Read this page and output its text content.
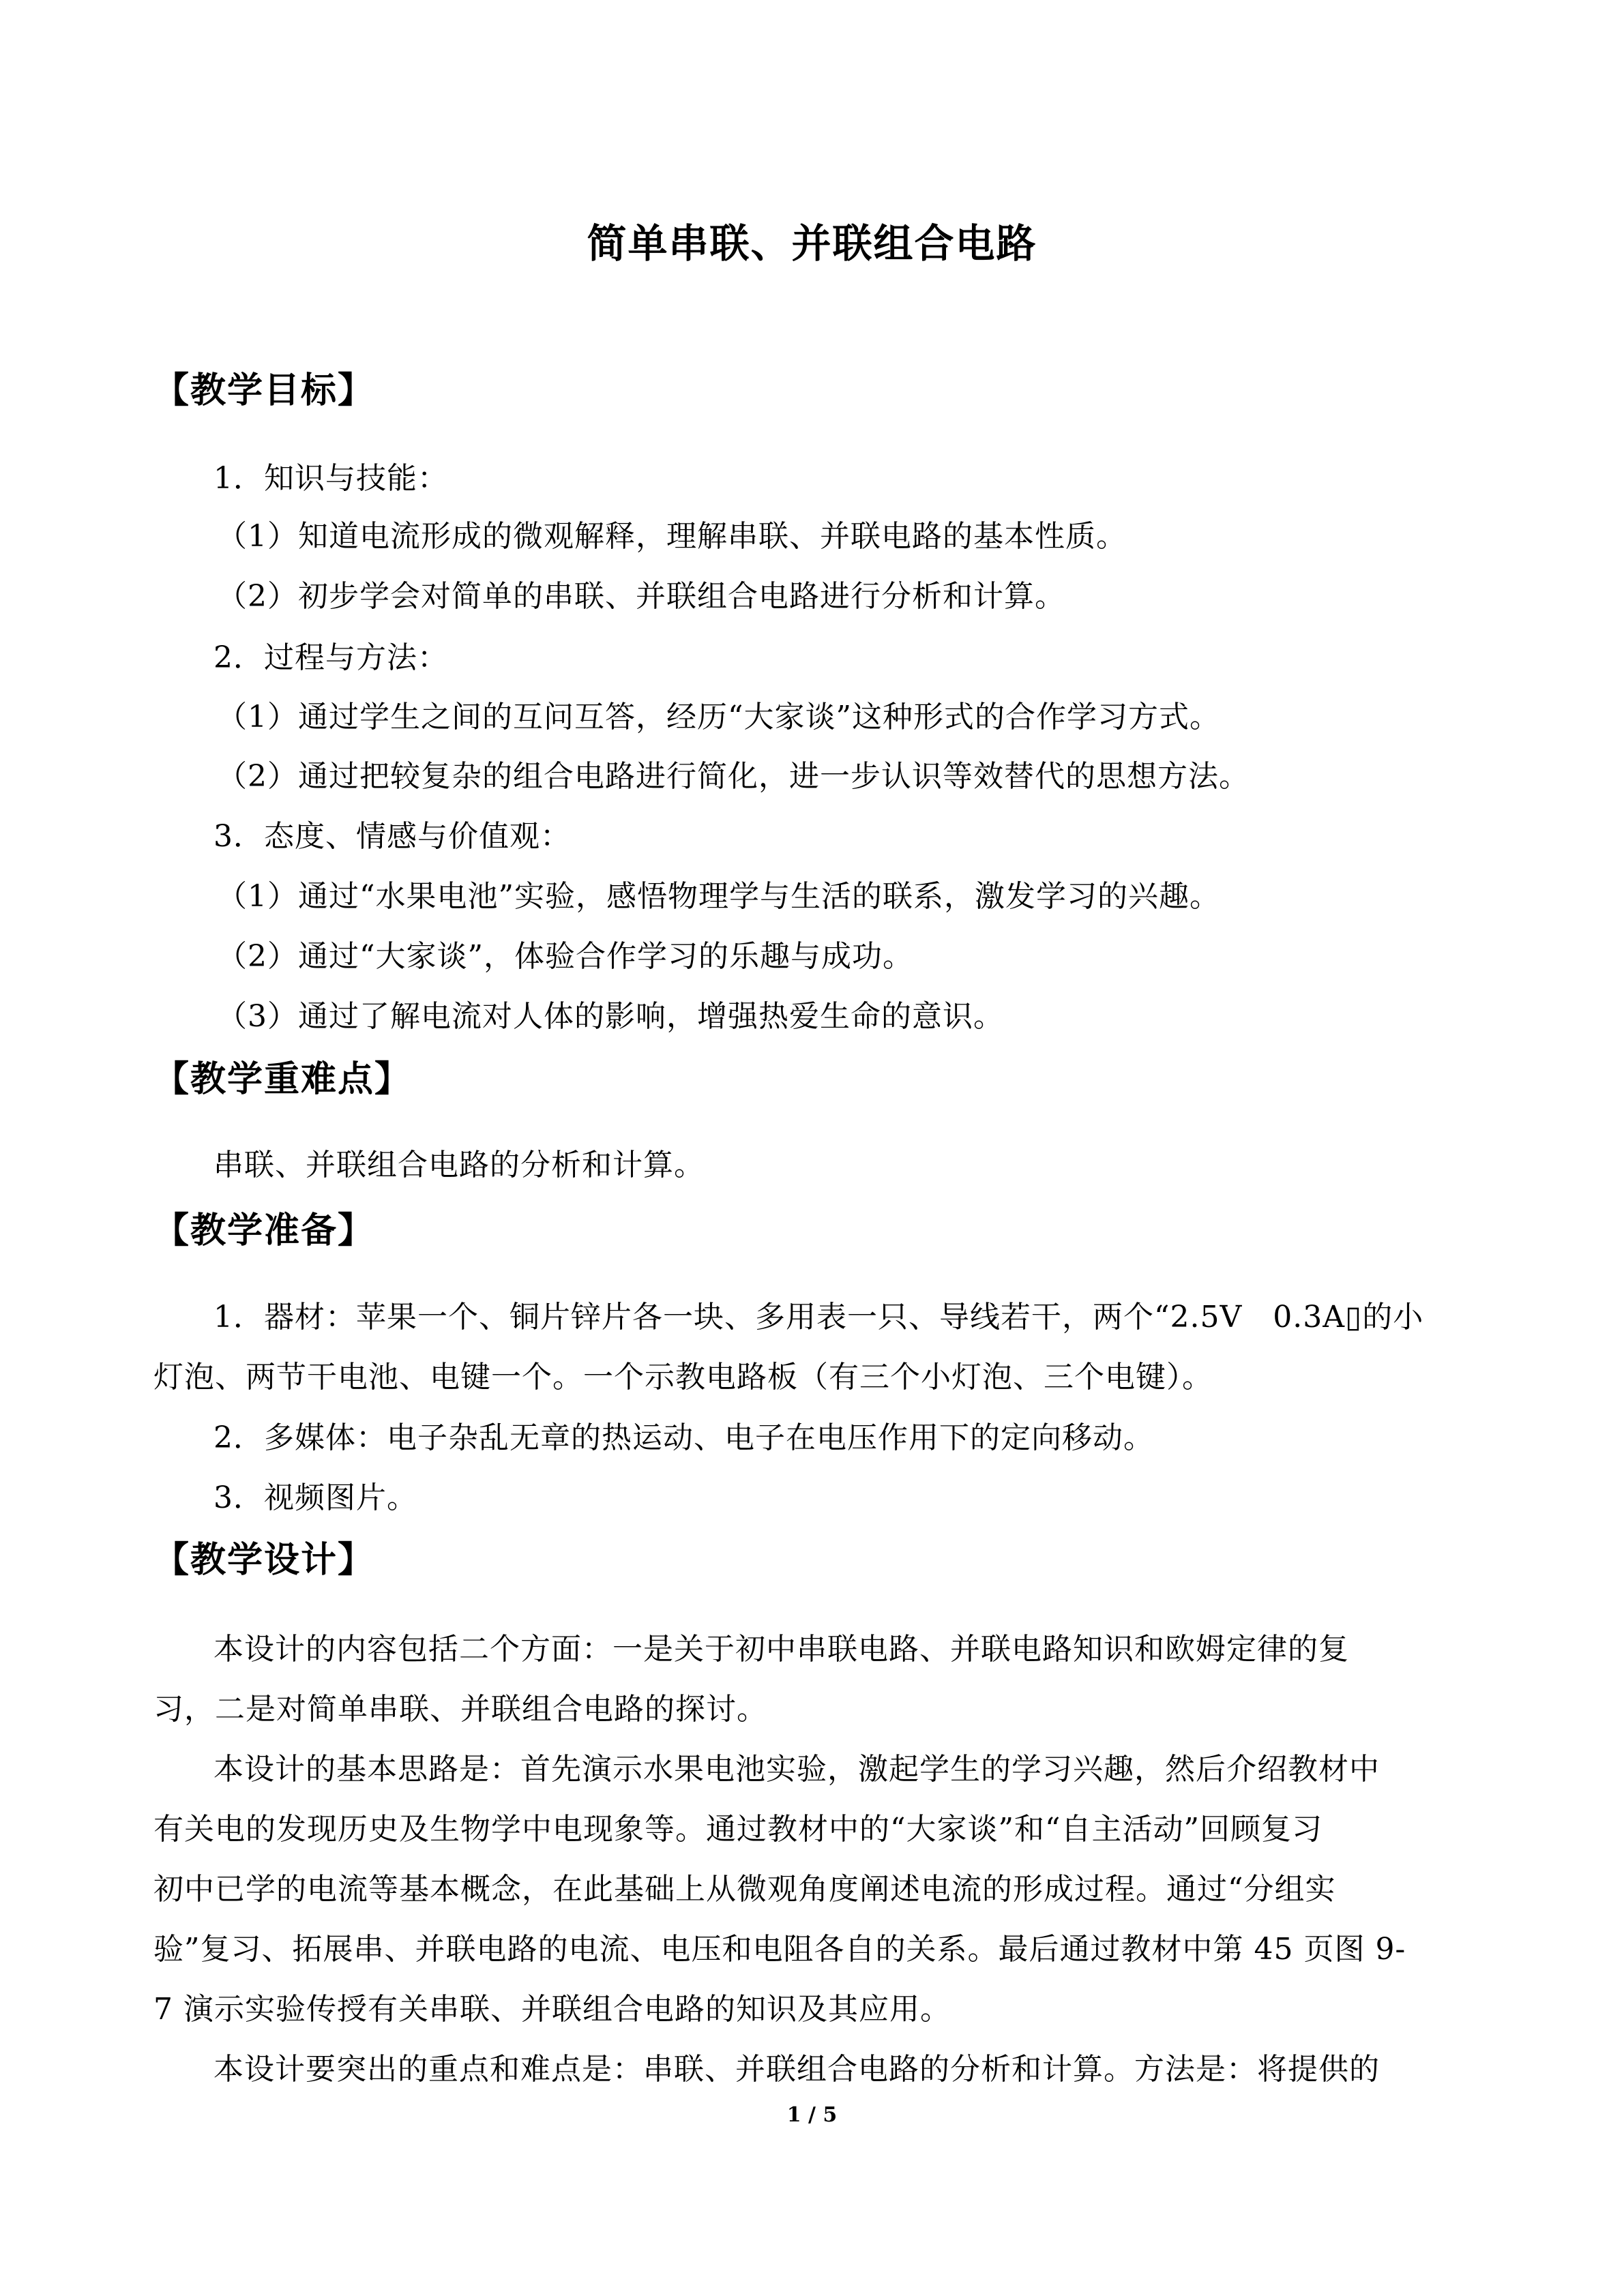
简单串联、并联组合电路
【教学目标】

1．知识与技能：

（1）知道电流形成的微观解释，理解串联、并联电路的基本性质。

（2）初步学会对简单的串联、并联组合电路进行分析和计算。

2．过程与方法：

（1）通过学生之间的互问互答，经历“大家谈”这种形式的合作学习方式。

（2）通过把较复杂的组合电路进行简化，进一步认识等效替代的思想方法。

3．态度、情感与价值观：

（1）通过“水果电池”实验，感悟物理学与生活的联系，激发学习的兴趣。

（2）通过“大家谈”，体验合作学习的乐趣与成功。

（3）通过了解电流对人体的影响，增强热爱生命的意识。

【教学重难点】

串联、并联组合电路的分析和计算。

【教学准备】

1．器材：苹果一个、铜片锌片各一块、多用表一只、导线若干，两个“2.5V　0.3A▯的小

灯泡、两节干电池、电键一个。一个示教电路板（有三个小灯泡、三个电键）。

2．多媒体：电子杂乱无章的热运动、电子在电压作用下的定向移动。

3．视频图片。

【教学设计】

本设计的内容包括二个方面：一是关于初中串联电路、并联电路知识和欧姆定律的复

习，二是对简单串联、并联组合电路的探讨。

本设计的基本思路是：首先演示水果电池实验，激起学生的学习兴趣，然后介绍教材中

有关电的发现历史及生物学中电现象等。通过教材中的“大家谈”和“自主活动”回顾复习

初中已学的电流等基本概念，在此基础上从微观角度阐述电流的形成过程。通过“分组实

验”复习、拓展串、并联电路的电流、电压和电阻各自的关系。最后通过教材中第 45 页图 9-

7 演示实验传授有关串联、并联组合电路的知识及其应用。

本设计要突出的重点和难点是：串联、并联组合电路的分析和计算。方法是：将提供的

1 / 5
